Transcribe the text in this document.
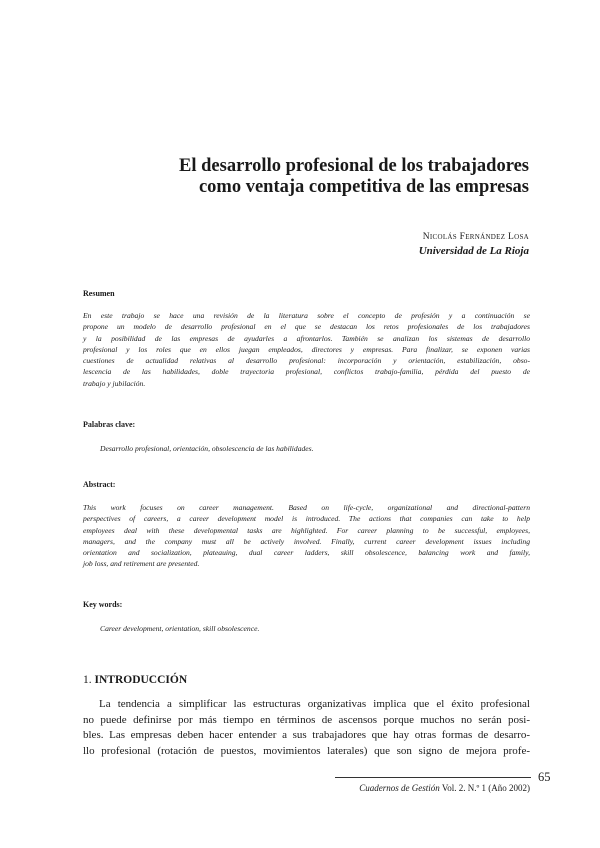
El desarrollo profesional de los trabajadores
como ventaja competitiva de las empresas
Nicolás Fernández Losa
Universidad de La Rioja
Resumen
En este trabajo se hace una revisión de la literatura sobre el concepto de profesión y a continuación se
propone un modelo de desarrollo profesional en el que se destacan los retos profesionales de los trabajadores
y la posibilidad de las empresas de ayudarles a afrontarlos. También se analizan los sistemas de desarrollo
profesional y los roles que en ellos juegan empleados, directores y empresas. Para finalizar, se exponen varias
cuestiones de actualidad relativas al desarrollo profesional: incorporación y orientación, estabilización, obso-
lescencia de las habilidades, doble trayectoria profesional, conflictos trabajo-familia, pérdida del puesto de
trabajo y jubilación.
Palabras clave:
Desarrollo profesional, orientación, obsolescencia de las habilidades.
Abstract:
This work focuses on career management. Based on life-cycle, organizational and directional-pattern
perspectives of careers, a career development model is introduced. The actions that companies can take to help
employees deal with these developmental tasks are highlighted. For career planning to be successful, employees,
managers, and the company must all be actively involved. Finally, current career development issues including
orientation and socialization, plateauing, dual career ladders, skill obsolescence, balancing work and family,
job loss, and retirement are presented.
Key words:
Career development, orientation, skill obsolescence.
1. INTRODUCCIÓN
La tendencia a simplificar las estructuras organizativas implica que el éxito profesional
no puede definirse por más tiempo en términos de ascensos porque muchos no serán posi-
bles. Las empresas deben hacer entender a sus trabajadores que hay otras formas de desarro-
llo profesional (rotación de puestos, movimientos laterales) que son signo de mejora profe-
65
Cuadernos de Gestión Vol. 2. N.º 1 (Año 2002)
